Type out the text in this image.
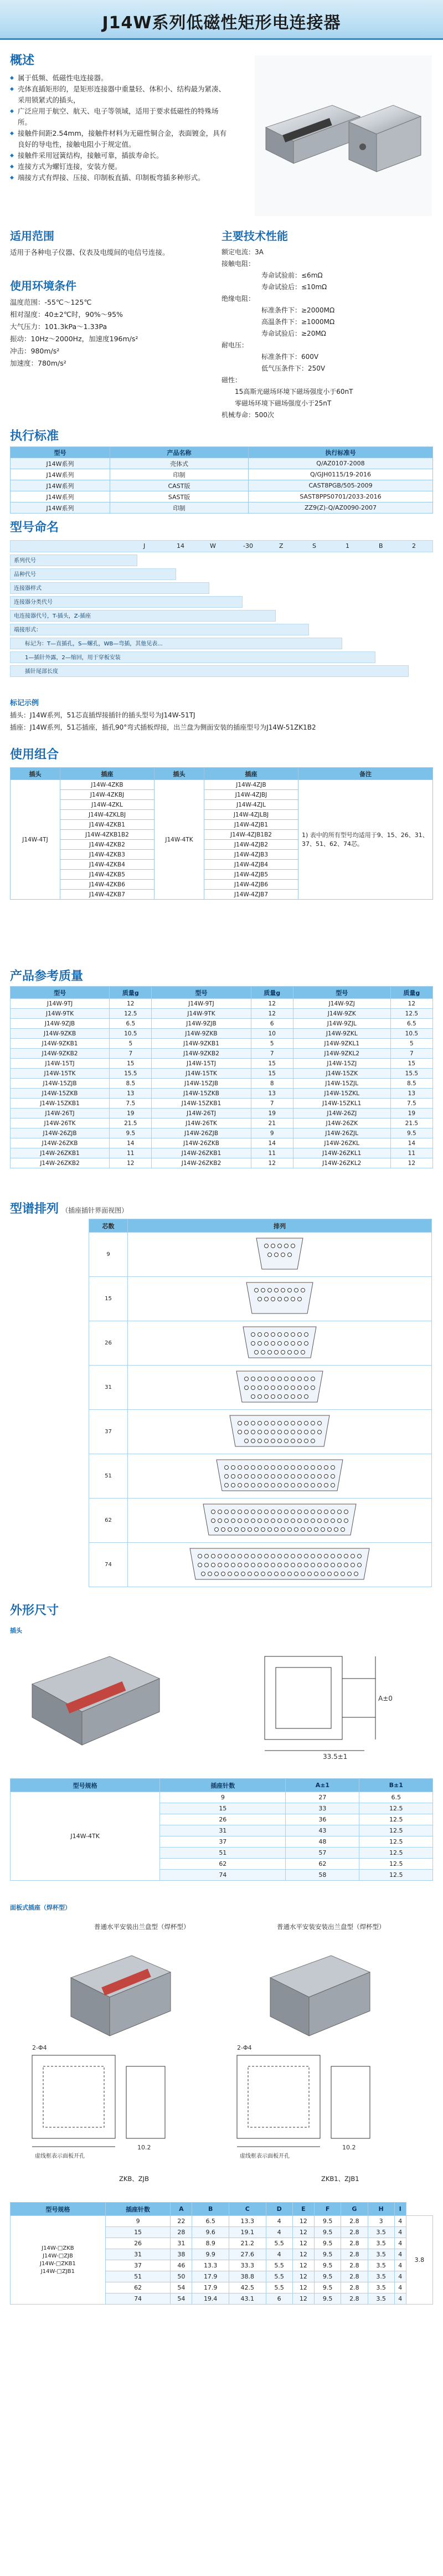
J14W系列低磁性矩形电连接器
概述
◆ 属于低频、低磁性电连接器。
◆ 壳体直插矩形的，是矩形连接器中重量轻、体积小、结构最为紧凑、采用锁紧式的插头，
◆ 广泛应用于航空、航天、电子等领域，适用于要求低磁性的特殊场所。
◆ 接触件间距2.54mm，接触件材料为无磁性铜合金，表面镀金，具有良好的导电性，接触电阻小于规定值。
◆ 接触件采用冠簧结构，接触可靠，插拔寿命长。
◆ 连接方式为螺钉连接，安装方便。
◆ 端接方式有焊接、压接、印制板直插、印制板弯插多种形式。
适用范围

适用于各种电子仪器、仪表及电缆间的电信号连接。

使用环境条件

温度范围：-55℃～125℃

相对湿度：40±2℃时，90%～95%

大气压力：101.3kPa～1.33Pa

振动：10Hz～2000Hz，加速度196m/s²

冲击：980m/s²

加速度：780m/s²

主要技术性能
额定电流：3A
接触电阻：
　　　　　　寿命试验前：≤6mΩ
　　　　　　寿命试验后：≤10mΩ
绝缘电阻：
　　　　　　标准条件下：≥2000MΩ
　　　　　　高温条件下：≥1000MΩ
　　　　　　寿命试验后：≥20MΩ
耐电压：
　　　　　　标准条件下：600V
　　　　　　低气压条件下：250V
磁性：
　　15高斯光磁场环境下磁场强度小于60nT
　　零磁场环境下磁场强度小于25nT
机械寿命：500次
执行标准
型号	产品名称	执行标准号
J14W系列	壳体式	Q/AZ0107-2008
J14W系列	印制	Q/GJH0115/19-2016
J14W系列	CAST版	CAST8PGB/505-2009
J14W系列	SAST版	SAST8PPS0701/2033-2016
J14W系列	印制	ZZ9(Z)-Q/AZ0090-2007
型号命名
J	14	W	-30	Z	S	1	B	2
系列代号
品种代号
连接器样式
连接器分类代号
电连接器代号，T-插头，Z-插座
端接形式：
　　标记为：T—直插孔，S—螺孔，WB—弯插，其他见表...
　　1—插针外露，2—缩回，用于穿板安装
　　插针尾部长度
标记示例
插头：J14W系列，51芯直插焊接插针的插头型号为J14W-51TJ
插座：J14W系列，51芯插座，插孔90°弯式插板焊接，出兰盘为侧面安装的插座型号为J14W-51ZK1B2
使用组合
插头	插座	插头	插座	备注
J14W-4TJ	J14W-4ZKB	J14W-4TK	J14W-4ZJB	1) 表中的所有型号均适用于9、15、26、31、37、51、62、74芯。
	J14W-4ZKBJ		J14W-4ZJBJ	
	J14W-4ZKL		J14W-4ZJL	
	J14W-4ZKLBJ		J14W-4ZJLBJ	
	J14W-4ZKB1		J14W-4ZJB1	
	J14W-4ZKB1B2		J14W-4ZJB1B2	
	J14W-4ZKB2		J14W-4ZJB2	
	J14W-4ZKB3		J14W-4ZJB3	
	J14W-4ZKB4		J14W-4ZJB4	
	J14W-4ZKB5		J14W-4ZJB5	
	J14W-4ZKB6		J14W-4ZJB6	
	J14W-4ZKB7		J14W-4ZJB7	
产品参考质量
型号	质量g	型号	质量g	型号	质量g
J14W-9TJ	12	J14W-9TJ	12	J14W-9ZJ	12
J14W-9TK	12.5	J14W-9TK	12	J14W-9ZK	12.5
J14W-9ZJB	6.5	J14W-9ZJB	6	J14W-9ZJL	6.5
J14W-9ZKB	10.5	J14W-9ZKB	10	J14W-9ZKL	10.5
J14W-9ZKB1	5	J14W-9ZKB1	5	J14W-9ZKL1	5
J14W-9ZKB2	7	J14W-9ZKB2	7	J14W-9ZKL2	7
J14W-15TJ	15	J14W-15TJ	15	J14W-15ZJ	15
J14W-15TK	15.5	J14W-15TK	15	J14W-15ZK	15.5
J14W-15ZJB	8.5	J14W-15ZJB	8	J14W-15ZJL	8.5
J14W-15ZKB	13	J14W-15ZKB	13	J14W-15ZKL	13
J14W-15ZKB1	7.5	J14W-15ZKB1	7	J14W-15ZKL1	7.5
J14W-26TJ	19	J14W-26TJ	19	J14W-26ZJ	19
J14W-26TK	21.5	J14W-26TK	21	J14W-26ZK	21.5
J14W-26ZJB	9.5	J14W-26ZJB	9	J14W-26ZJL	9.5
J14W-26ZKB	14	J14W-26ZKB	14	J14W-26ZKL	14
J14W-26ZKB1	11	J14W-26ZKB1	11	J14W-26ZKL1	11
J14W-26ZKB2	12	J14W-26ZKB2	12	J14W-26ZKL2	12
型谱排列 （插座插针界面视图）
芯数	排列
9	
15	
26	
31	
37	
51	
62	
74	
外形尺寸
插头
33.5±1
A±0
型号规格	插座针数	A±1	B±1
J14W-4TK	9	27	6.5
	15	33	12.5
	26	36	12.5
	31	43	12.5
	37	48	12.5
	51	57	12.5
	62	62	12.5
	74	58	12.5
面板式插座（焊杯型）
普通水平安装出兰盘型（焊杯型）	普通水平安装安装出兰盘型（焊杯型）
2-Φ4	2-Φ4
10.2	10.2
虚线框表示面板开孔	虚线框表示面板开孔
ZKB、ZJB	ZKB1、ZJB1
型号规格	插座针数	A	B	C	D	E	F	G	H	I	

J14W-□ZKB
J14W-□ZJB
J14W-□ZKB1
J14W-□ZJB1	9	22	6.5	13.3	4	12	9.5	2.8	3	4	3.8
	15	28	9.6	19.1	4	12	9.5	2.8	3.5	4	
	26	31	8.9	21.2	5.5	12	9.5	2.8	3.5	4	
	31	38	9.9	27.6	4	12	9.5	2.8	3.5	4	
	37	46	13.3	33.3	5.5	12	9.5	2.8	3.5	4	
	51	50	17.9	38.8	5.5	12	9.5	2.8	3.5	4	
	62	54	17.9	42.5	5.5	12	9.5	2.8	3.5	4	
	74	54	19.4	43.1	6	12	9.5	2.8	3.5	4	
